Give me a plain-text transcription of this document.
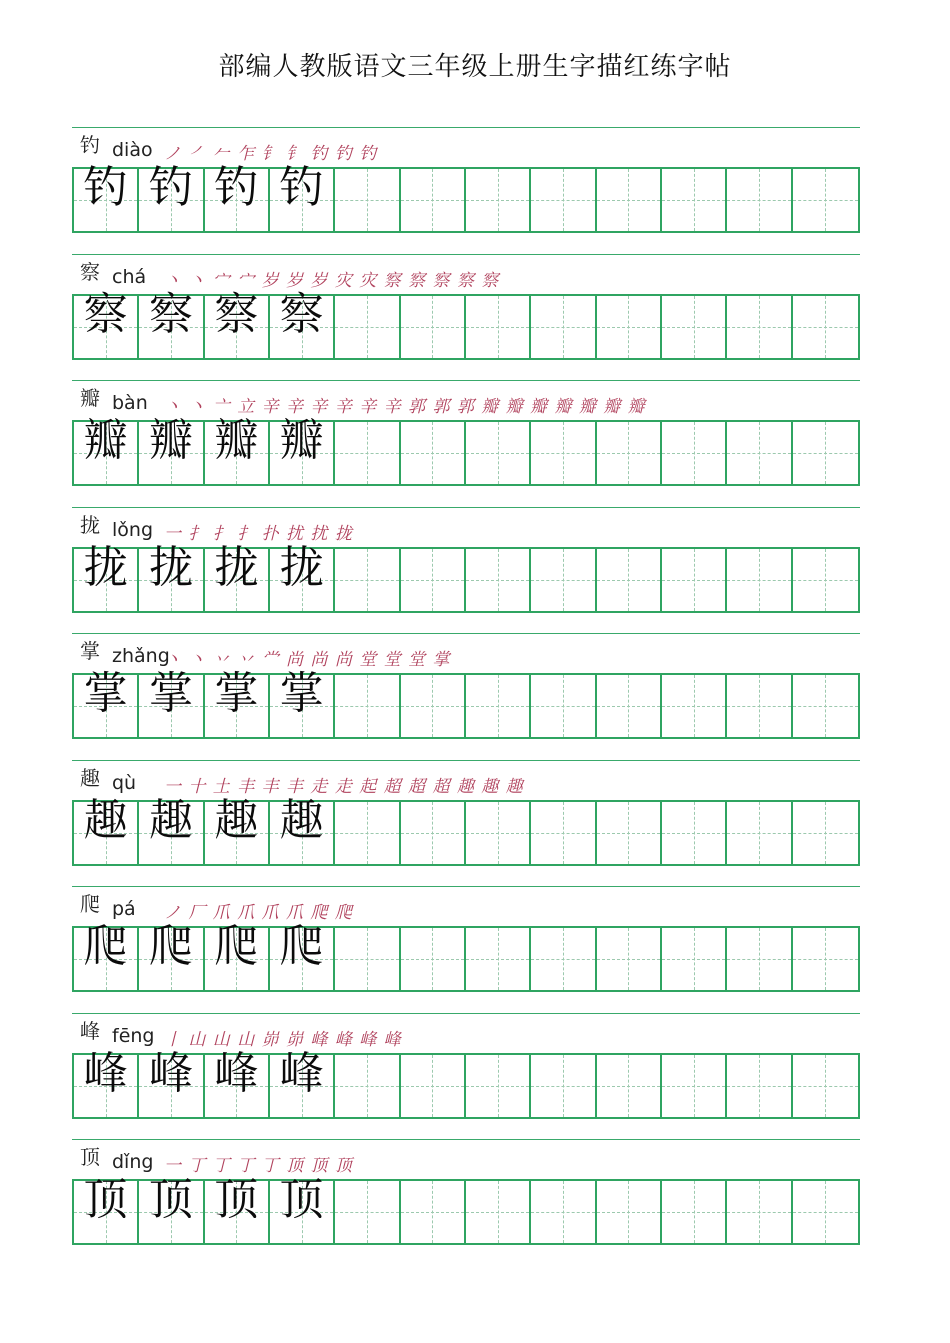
部编人教版语文三年级上册生字描红练字帖
钓 diào ノ ㇒ 𠂉 乍 钅 钅 钓 钓 钓
钓 钓 钓 钓
察 chá 丶 丶 宀 宀 岁 岁 岁 灾 灾 察 察 察 察 察
察 察 察 察
瓣 bàn 丶 丶 亠 立 辛 辛 辛 辛 辛 辛 郭 郭 郭 瓣 瓣 瓣 瓣 瓣 瓣 瓣
瓣 瓣 瓣 瓣
拢 lǒng 一 扌 扌 扌 扑 扰 扰 拢
拢 拢 拢 拢
掌 zhǎng
丶 丶 丷 丷 龸 尚 尚 尚 堂 堂 堂 掌
掌 掌 掌 掌
趣 qù 一 十 土 丰 丰 丰 走 走 起 超 超 超 趣 趣 趣
趣 趣 趣 趣
爬 pá ノ 厂 爪 爪 爪 爪 爬 爬
爬 爬 爬 爬
峰 fēng 丨 山 山 山 峁 峁 峰 峰 峰 峰
峰 峰 峰 峰
顶 dǐng 一 丁 丁 丁 丁 顶 顶 顶
顶 顶 顶 顶
